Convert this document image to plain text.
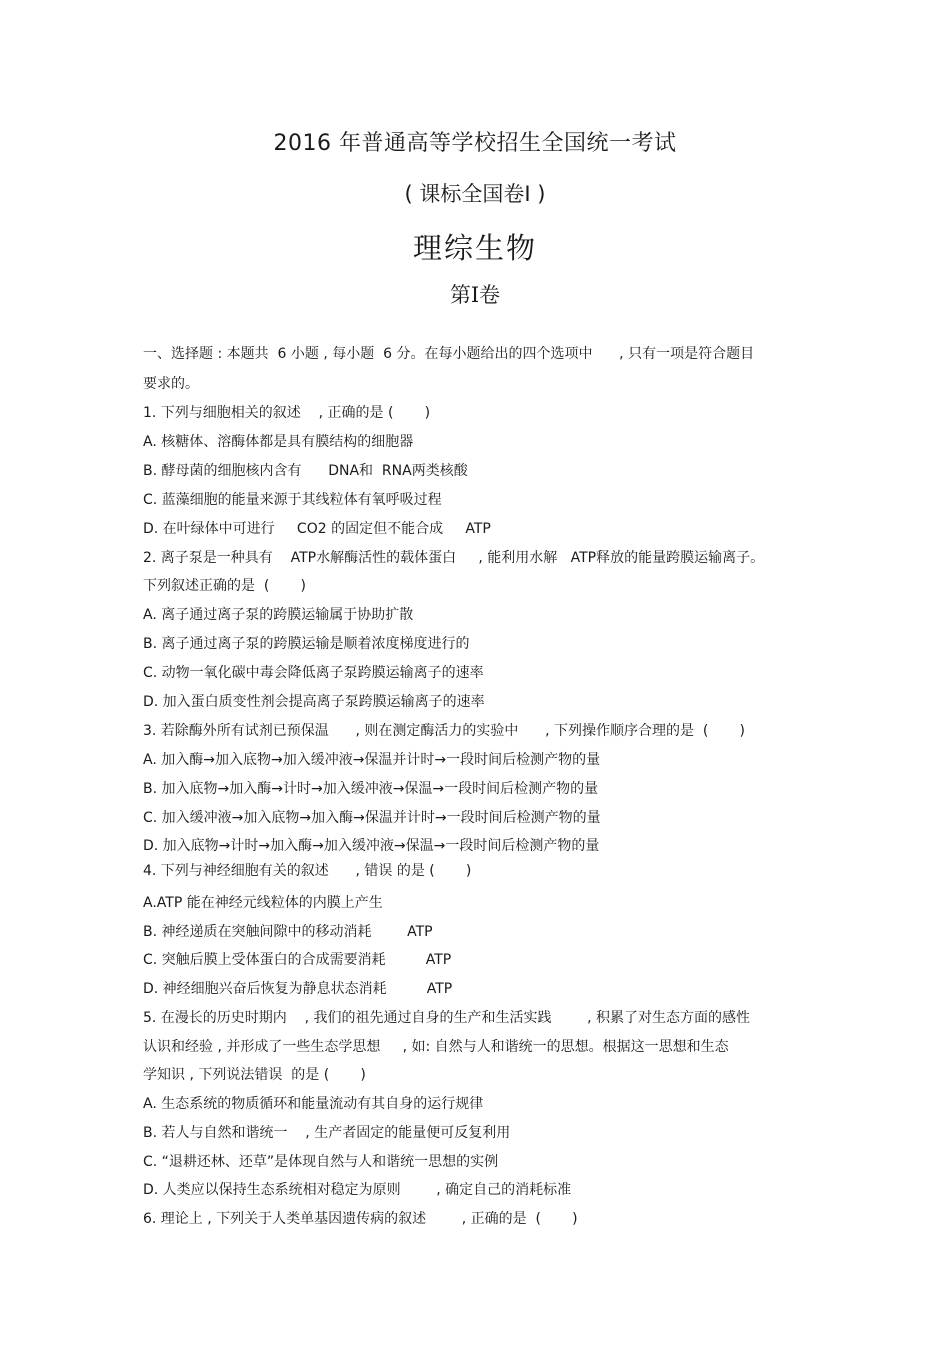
2016 年普通高等学校招生全国统一考试
( 课标全国卷Ⅰ )
理综生物
第Ⅰ卷
一、选择题 : 本题共  6 小题 , 每小题  6 分。在每小题给出的四个选项中      , 只有一项是符合题目
要求的。
1. 下列与细胞相关的叙述    , 正确的是 (       )
A. 核糖体、溶酶体都是具有膜结构的细胞器
B. 酵母菌的细胞核内含有      DNA和  RNA两类核酸
C. 蓝藻细胞的能量来源于其线粒体有氧呼吸过程
D. 在叶绿体中可进行     CO2 的固定但不能合成     ATP
2. 离子泵是一种具有    ATP水解酶活性的载体蛋白     , 能利用水解   ATP释放的能量跨膜运输离子。
下列叙述正确的是  (       )
A. 离子通过离子泵的跨膜运输属于协助扩散
B. 离子通过离子泵的跨膜运输是顺着浓度梯度进行的
C. 动物一氧化碳中毒会降低离子泵跨膜运输离子的速率
D. 加入蛋白质变性剂会提高离子泵跨膜运输离子的速率
3. 若除酶外所有试剂已预保温      , 则在测定酶活力的实验中      , 下列操作顺序合理的是  (       )
A. 加入酶→加入底物→加入缓冲液→保温并计时→一段时间后检测产物的量
B. 加入底物→加入酶→计时→加入缓冲液→保温→一段时间后检测产物的量
C. 加入缓冲液→加入底物→加入酶→保温并计时→一段时间后检测产物的量
D. 加入底物→计时→加入酶→加入缓冲液→保温→一段时间后检测产物的量
4. 下列与神经细胞有关的叙述      , 错误 的是 (       )
A.ATP 能在神经元线粒体的内膜上产生
B. 神经递质在突触间隙中的移动消耗        ATP
C. 突触后膜上受体蛋白的合成需要消耗         ATP
D. 神经细胞兴奋后恢复为静息状态消耗         ATP
5. 在漫长的历史时期内    , 我们的祖先通过自身的生产和生活实践        , 积累了对生态方面的感性
认识和经验 , 并形成了一些生态学思想     , 如: 自然与人和谐统一的思想。根据这一思想和生态
学知识 , 下列说法错误  的是 (       )
A. 生态系统的物质循环和能量流动有其自身的运行规律
B. 若人与自然和谐统一    , 生产者固定的能量便可反复利用
C. “退耕还林、还草”是体现自然与人和谐统一思想的实例
D. 人类应以保持生态系统相对稳定为原则        , 确定自己的消耗标准
6. 理论上 , 下列关于人类单基因遗传病的叙述        , 正确的是  (       )
